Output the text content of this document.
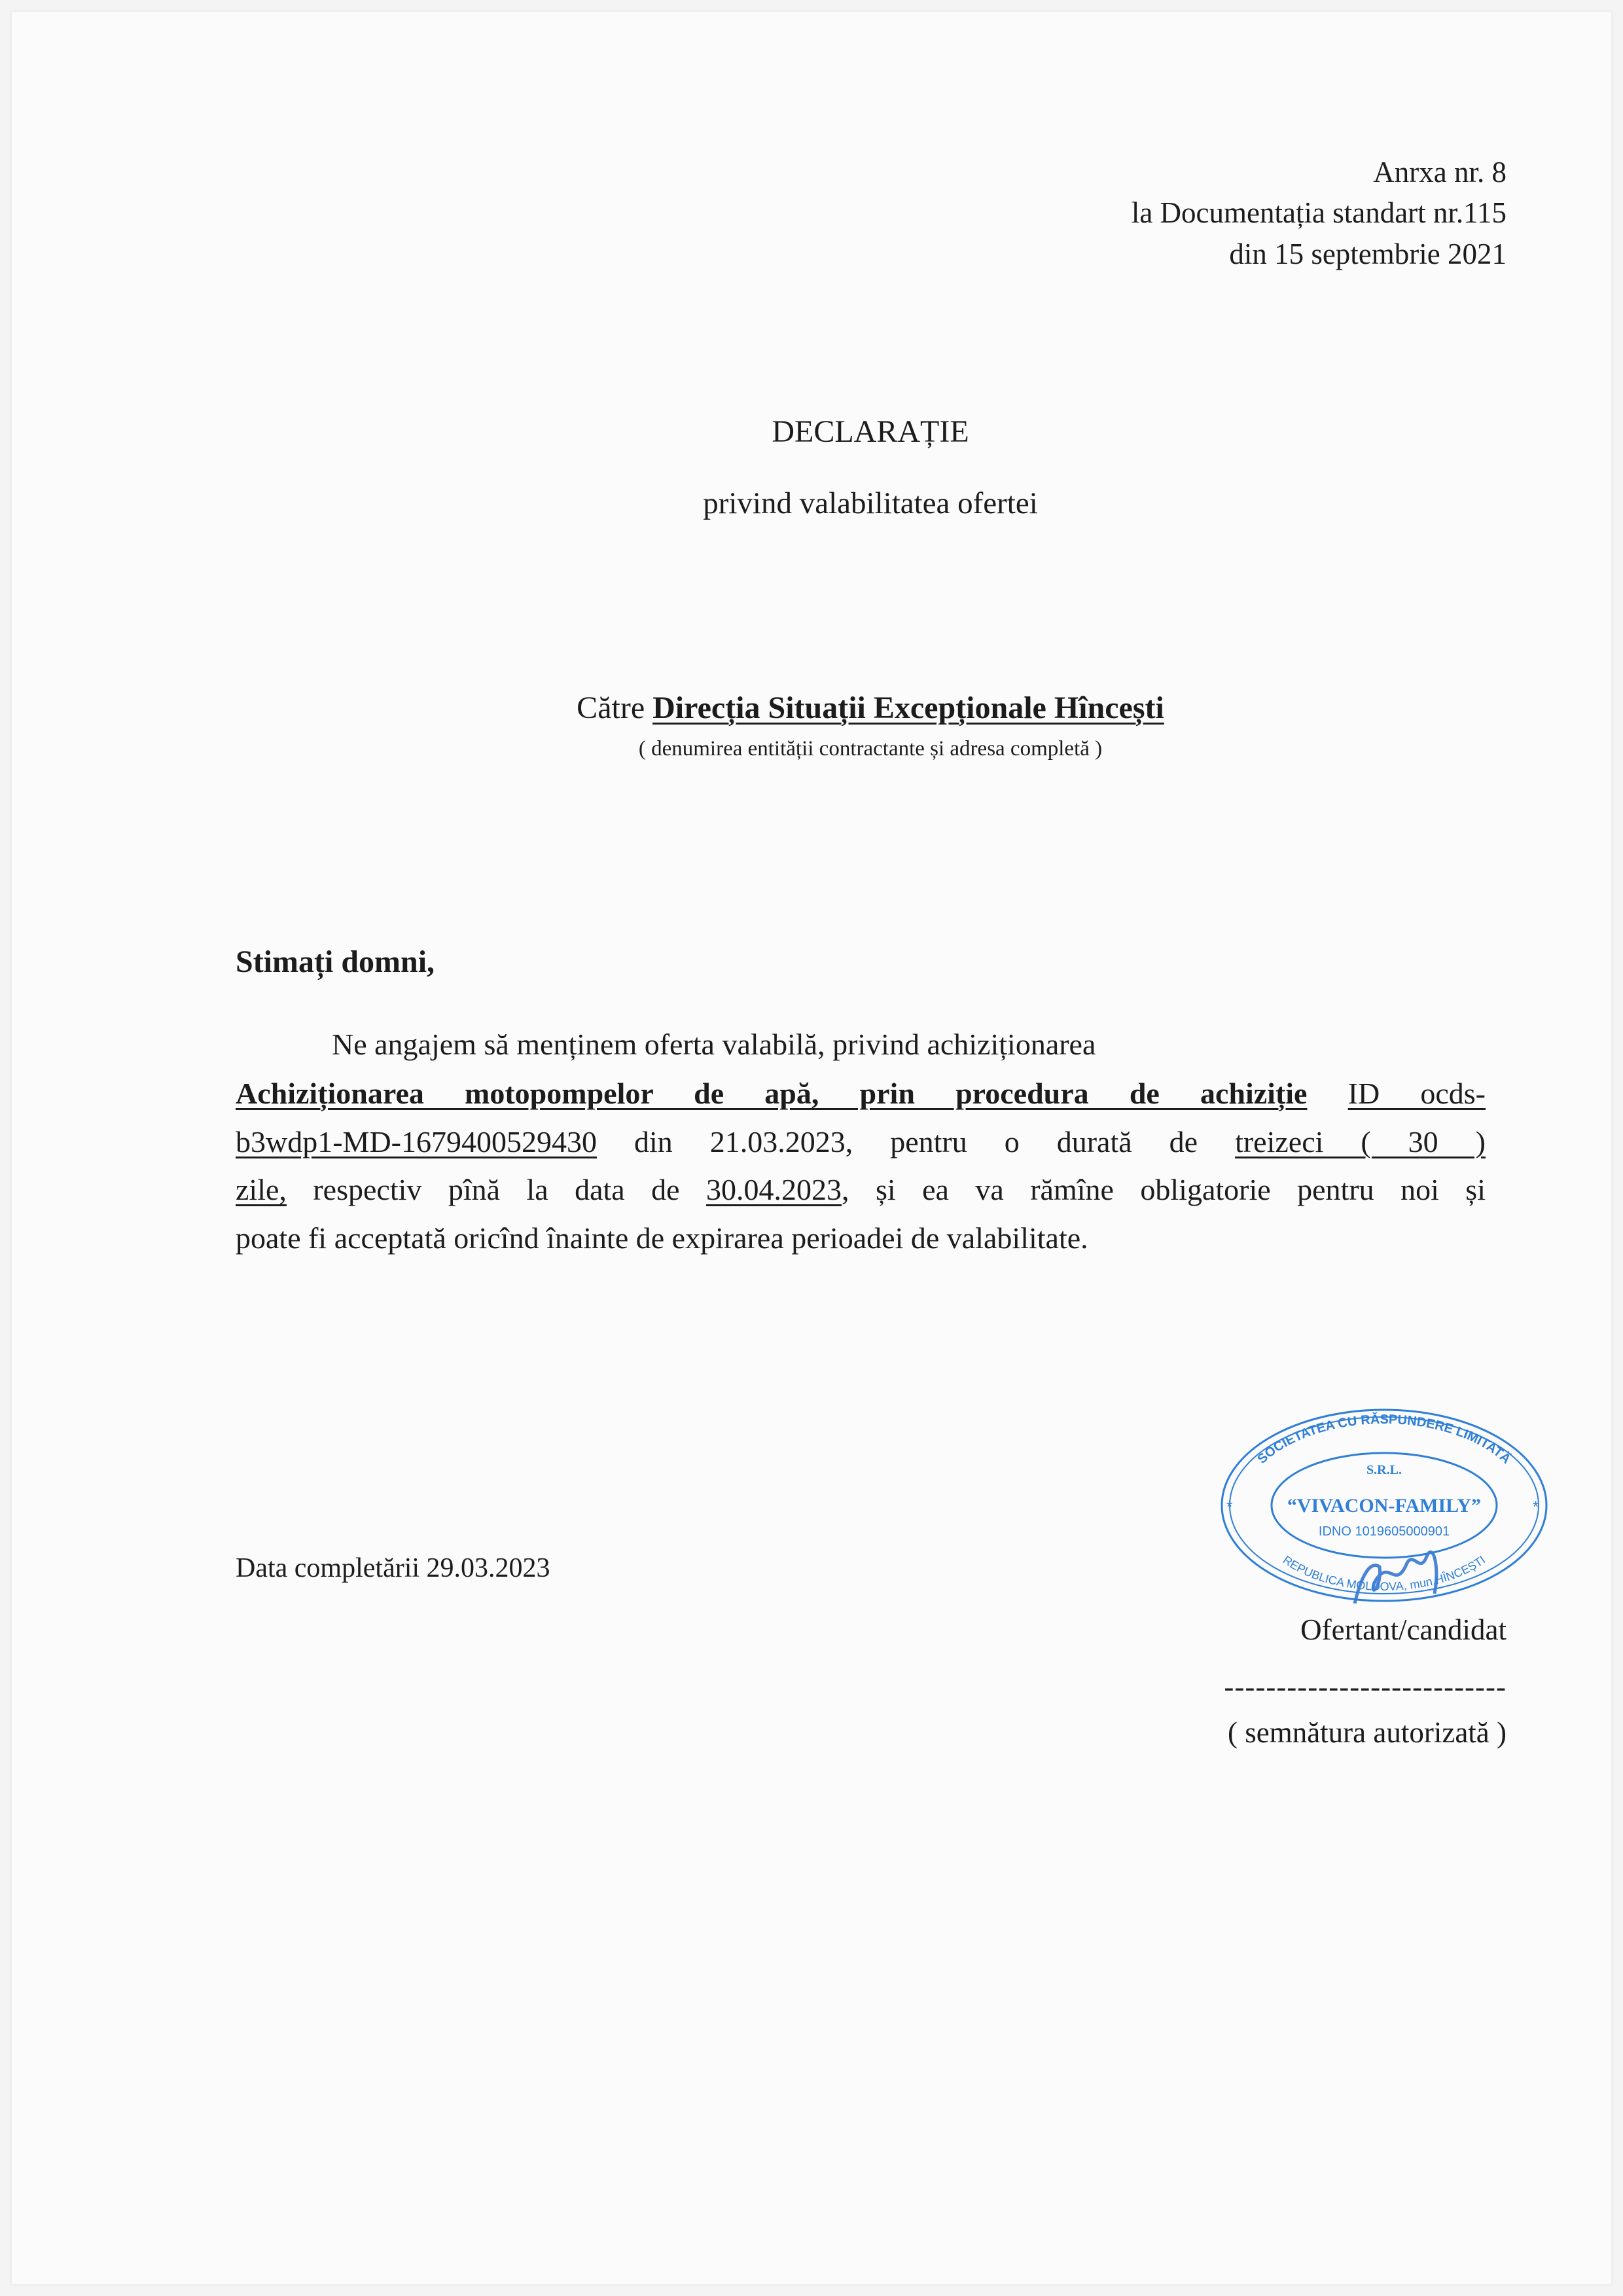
Anrxa nr. 8
la Documentația standart nr.115
din 15 septembrie 2021
DECLARAȚIE
privind valabilitatea ofertei
Către Direcția Situații Excepționale Hîncești
( denumirea entității contractante și adresa completă )
Stimați domni,
Ne angajem să menținem oferta valabilă, privind achiziționarea
Achiziționarea motopompelor de apă, prin procedura de achiziție ID ocds-
b3wdp1-MD-1679400529430 din 21.03.2023, pentru o durată de treizeci ( 30 )
zile, respectiv pînă la data de 30.04.2023, și ea va rămîne obligatorie pentru noi și
poate fi acceptată oricînd înainte de expirarea perioadei de valabilitate.
Data completării 29.03.2023
SOCIETATEA CU RĂSPUNDERE LIMITATĂ
S.R.L.
“VIVACON-FAMILY”
IDNO 1019605000901
*	*
REPUBLICA MOLDOVA, mun.HÎNCEȘTI
Ofertant/candidat
---------------------------
( semnătura autorizată )
